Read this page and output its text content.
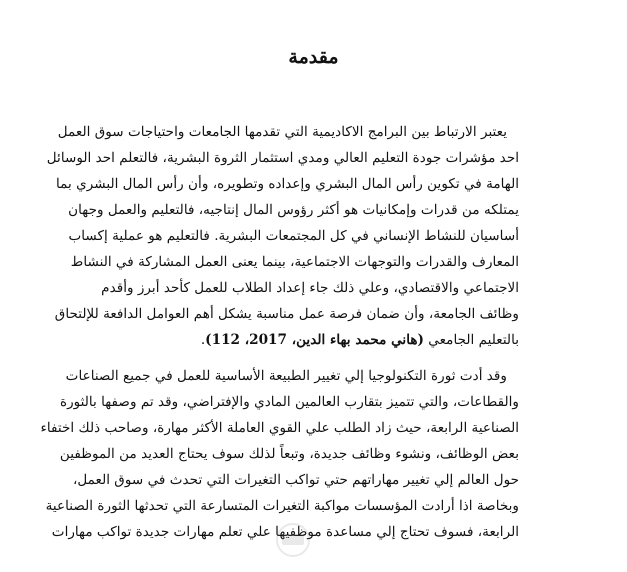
مقدمة
يعتبر الارتباط بين البرامج الاكاديمية التي تقدمها الجامعات واحتياجات سوق العمل
احد مؤشرات جودة التعليم العالي ومدي استثمار الثروة البشرية، فالتعلم احد الوسائل
الهامة في تكوين رأس المال البشري وإعداده وتطويره، وأن رأس المال البشري بما
يمتلكه من قدرات وإمكانيات هو أكثر رؤوس المال إنتاجيه، فالتعليم والعمل وجهان
أساسيان للنشاط الإنساني في كل المجتمعات البشرية. فالتعليم هو عملية إكساب
المعارف والقدرات والتوجهات الاجتماعية، بينما يعنى العمل المشاركة في النشاط
الاجتماعي والاقتصادي، وعلي ذلك جاء إعداد الطلاب للعمل كأحد أبرز وأقدم
وظائف الجامعة، وأن ضمان فرصة عمل مناسبة يشكل أهم العوامل الدافعة للإلتحاق
بالتعليم الجامعي (هاني محمد بهاء الدين، 2017، 112).
وقد أدت ثورة التكنولوجيا إلي تغيير الطبيعة الأساسية للعمل في جميع الصناعات
والقطاعات، والتي تتميز بتقارب العالمين المادي والإفتراضي، وقد تم وصفها بالثورة
الصناعية الرابعة، حيث زاد الطلب علي القوي العاملة الأكثر مهارة، وصاحب ذلك اختفاء
بعض الوظائف، ونشوء وظائف جديدة، وتبعاً لذلك سوف يحتاج العديد من الموظفين
حول العالم إلي تغيير مهاراتهم حتي تواكب التغيرات التي تحدث في سوق العمل،
وبخاصة اذا أرادت المؤسسات مواكبة التغيرات المتسارعة التي تحدثها الثورة الصناعية
الرابعة، فسوف تحتاج إلي مساعدة موظفيها علي تعلم مهارات جديدة تواكب مهارات
